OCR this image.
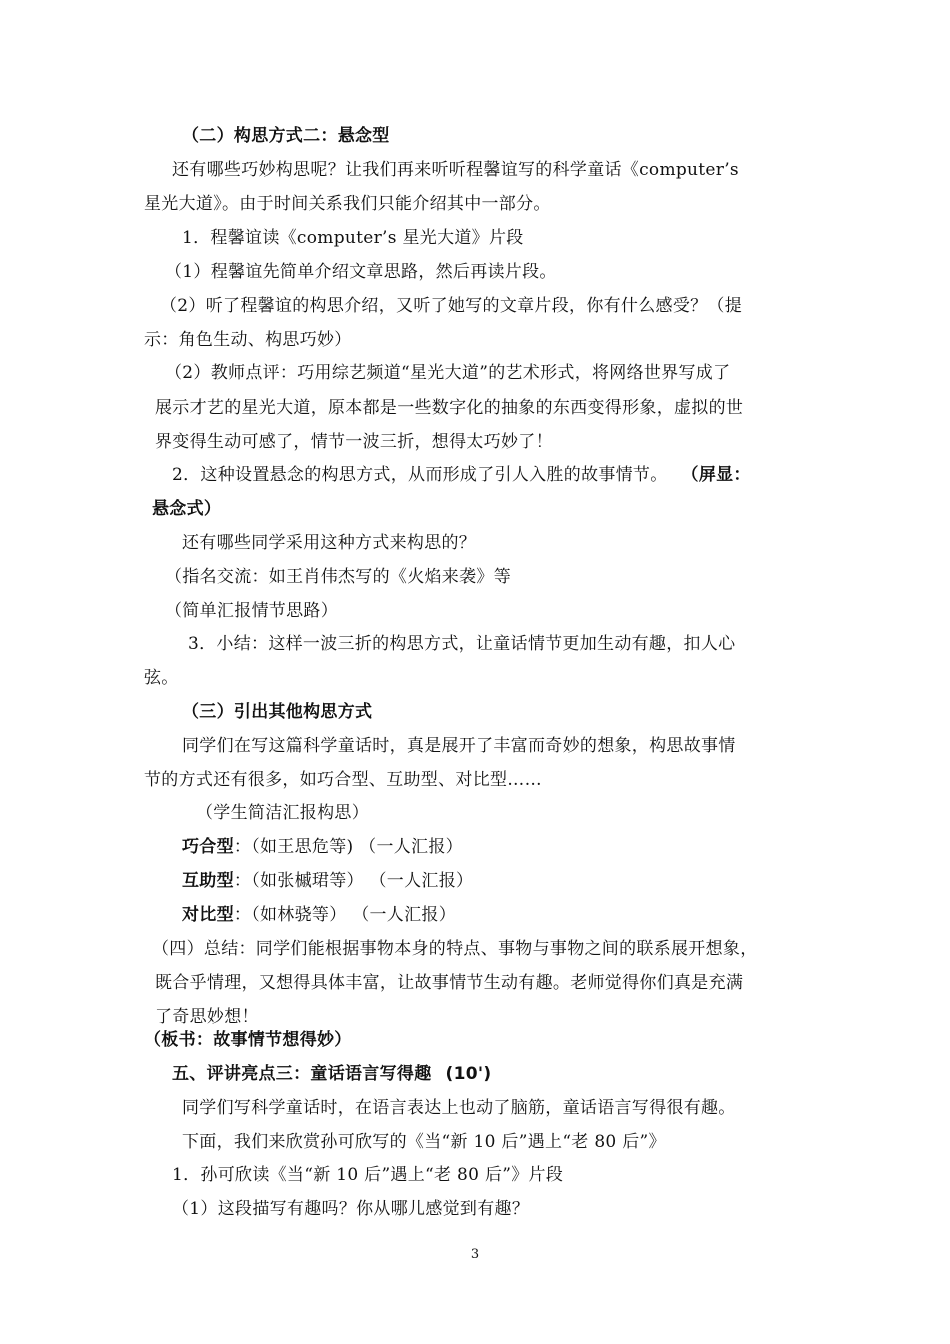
（二）构思方式二：悬念型
还有哪些巧妙构思呢？让我们再来听听程馨谊写的科学童话《computer’s
星光大道》。由于时间关系我们只能介绍其中一部分。
1．程馨谊读《computer’s 星光大道》片段
（1）程馨谊先简单介绍文章思路，然后再读片段。
（2）听了程馨谊的构思介绍，又听了她写的文章片段，你有什么感受？（提
示：角色生动、构思巧妙）
（2）教师点评：巧用综艺频道“星光大道”的艺术形式，将网络世界写成了
展示才艺的星光大道，原本都是一些数字化的抽象的东西变得形象，虚拟的世
界变得生动可感了，情节一波三折，想得太巧妙了！
2．这种设置悬念的构思方式，从而形成了引人入胜的故事情节。 （屏显：
悬念式）
还有哪些同学采用这种方式来构思的？
（指名交流：如王肖伟杰写的《火焰来袭》等
（简单汇报情节思路）
3．小结：这样一波三折的构思方式，让童话情节更加生动有趣，扣人心
弦。
（三）引出其他构思方式
同学们在写这篇科学童话时，真是展开了丰富而奇妙的想象，构思故事情
节的方式还有很多，如巧合型、互助型、对比型……
（学生简洁汇报构思）
巧合型：（如王思危等) （一人汇报）
互助型：（如张槭珺等） （一人汇报）
对比型：（如林骁等） （一人汇报）
（四）总结：同学们能根据事物本身的特点、事物与事物之间的联系展开想象，
既合乎情理，又想得具体丰富，让故事情节生动有趣。老师觉得你们真是充满
了奇思妙想！
（板书：故事情节想得妙）
五、评讲亮点三：童话语言写得趣 (10')
同学们写科学童话时，在语言表达上也动了脑筋，童话语言写得很有趣。
下面，我们来欣赏孙可欣写的《当“新 10 后”遇上“老 80 后”》
1．孙可欣读《当“新 10 后”遇上“老 80 后”》片段
（1）这段描写有趣吗？你从哪儿感觉到有趣？
3
